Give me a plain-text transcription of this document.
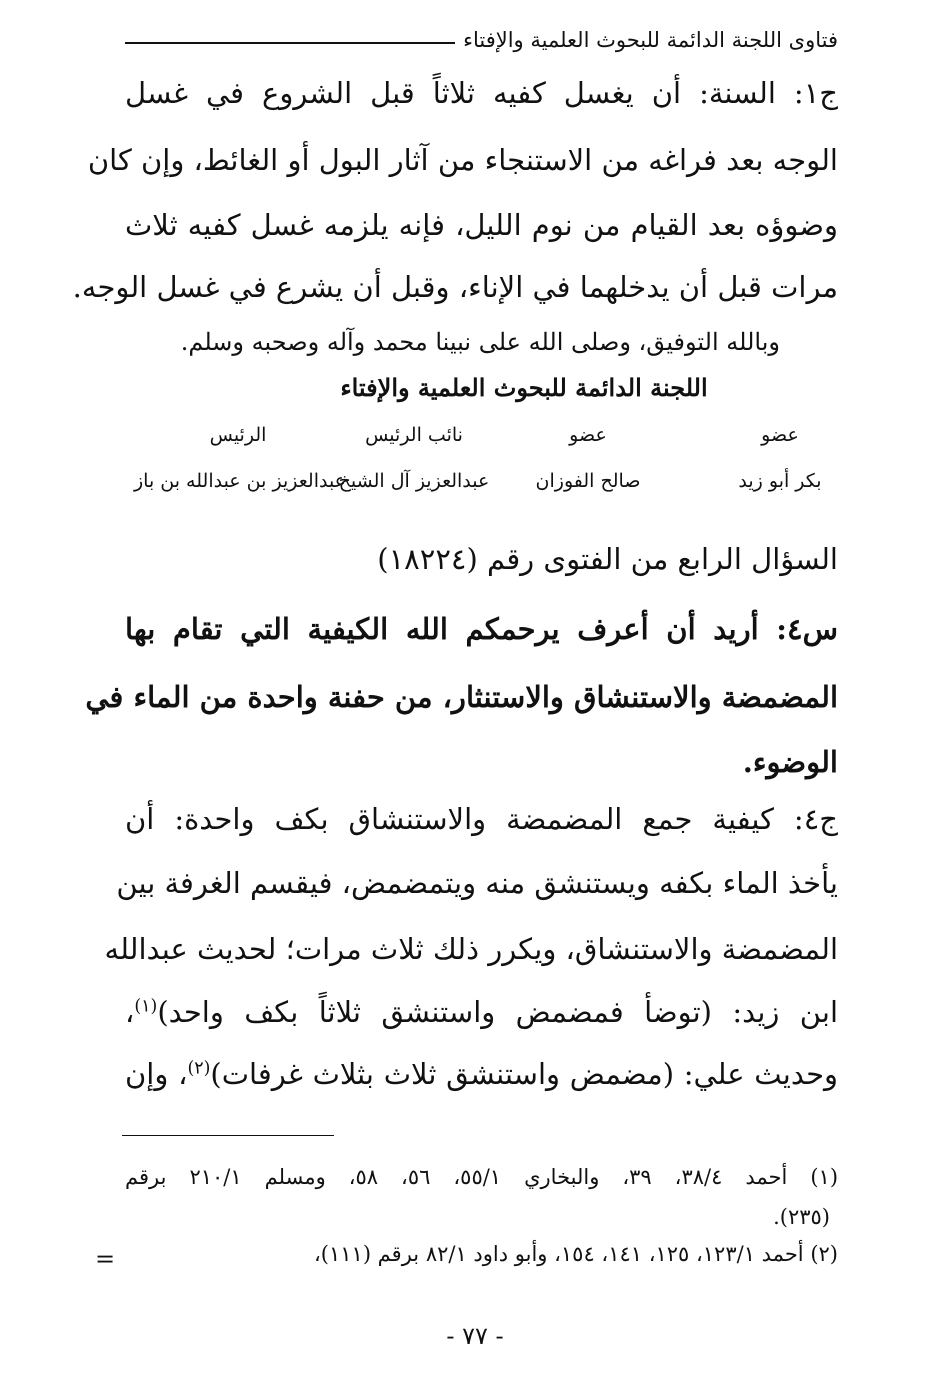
فتاوى اللجنة الدائمة للبحوث العلمية والإفتاء
ج١: السنة: أن يغسل كفيه ثلاثاً قبل الشروع في غسل
الوجه بعد فراغه من الاستنجاء من آثار البول أو الغائط، وإن كان
وضوؤه بعد القيام من نوم الليل، فإنه يلزمه غسل كفيه ثلاث
مرات قبل أن يدخلهما في الإناء، وقبل أن يشرع في غسل الوجه.
وبالله التوفيق، وصلى الله على نبينا محمد وآله وصحبه وسلم.
اللجنة الدائمة للبحوث العلمية والإفتاء
عضو
عضو
نائب الرئيس
الرئيس
بكر أبو زيد
صالح الفوزان
عبدالعزيز آل الشيخ
عبدالعزيز بن عبدالله بن باز
السؤال الرابع من الفتوى رقم (١٨٢٢٤)
س٤: أريد أن أعرف يرحمكم الله الكيفية التي تقام بها
المضمضة والاستنشاق والاستنثار، من حفنة واحدة من الماء في
الوضوء.
ج٤: كيفية جمع المضمضة والاستنشاق بكف واحدة: أن
يأخذ الماء بكفه ويستنشق منه ويتمضمض، فيقسم الغرفة بين
المضمضة والاستنشاق، ويكرر ذلك ثلاث مرات؛ لحديث عبدالله
ابن زيد: (توضأ فمضمض واستنشق ثلاثاً بكف واحد)$^{(١)}$،
وحديث علي: (مضمض واستنشق ثلاث بثلاث غرفات)$^{(٢)}$، وإن
(١) أحمد ٣٨/٤، ٣٩، والبخاري ٥٥/١، ٥٦، ٥٨، ومسلم ٢١٠/١ برقم
(٢٣٥).
(٢) أحمد ١٢٣/١، ١٢٥، ١٤١، ١٥٤، وأبو داود ٨٢/١ برقم (١١١)،
=
- ٧٧ -
